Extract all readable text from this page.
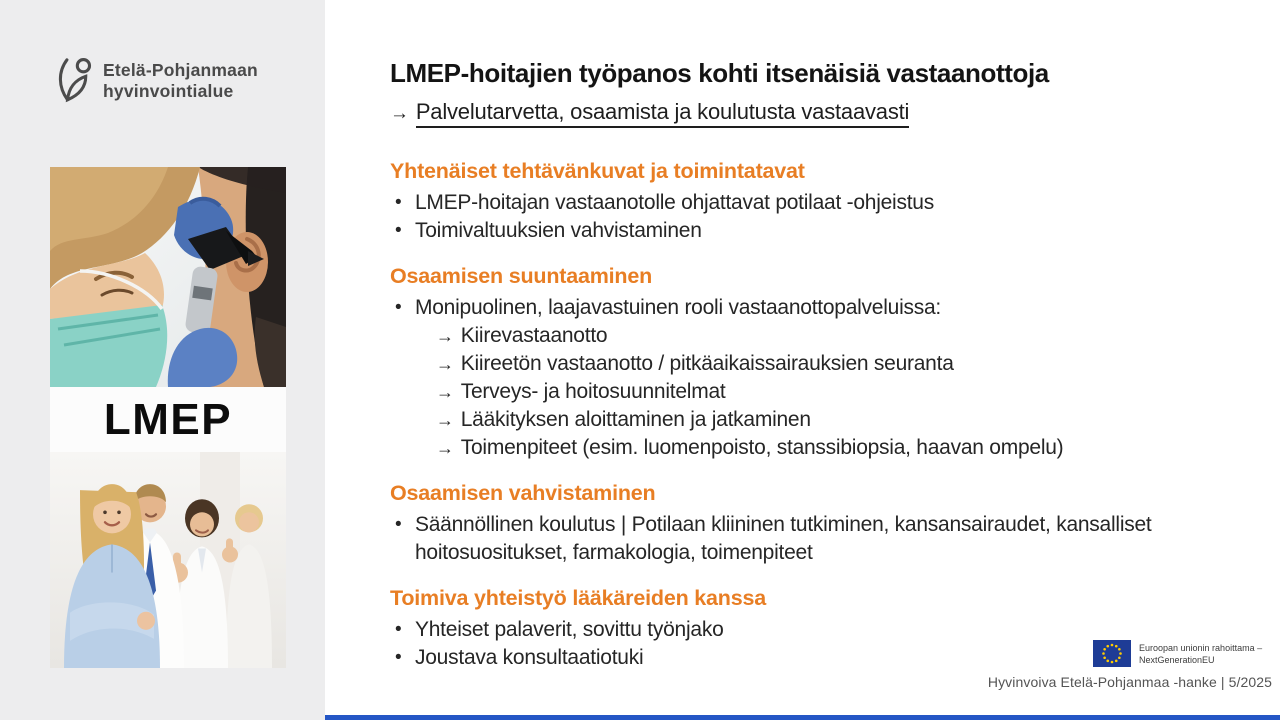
Etelä-Pohjanmaan
hyvinvointialue
LMEP
LMEP-hoitajien työpanos kohti itsenäisiä vastaanottoja
→ Palvelutarvetta, osaamista ja koulutusta vastaavasti
Yhtenäiset tehtävänkuvat ja toimintatavat
• LMEP-hoitajan vastaanotolle ohjattavat potilaat -ohjeistus
• Toimivaltuuksien vahvistaminen
Osaamisen suuntaaminen
• Monipuolinen, laajavastuinen rooli vastaanottopalveluissa:
→ Kiirevastaanotto
→ Kiireetön vastaanotto / pitkäaikaissairauksien seuranta
→ Terveys- ja hoitosuunnitelmat
→ Lääkityksen aloittaminen ja jatkaminen
→ Toimenpiteet (esim. luomenpoisto, stanssibiopsia, haavan ompelu)
Osaamisen vahvistaminen
• Säännöllinen koulutus | Potilaan kliininen tutkiminen, kansansairaudet, kansalliset hoitosuositukset, farmakologia, toimenpiteet
Toimiva yhteistyö lääkäreiden kanssa
• Yhteiset palaverit, sovittu työnjako
• Joustava konsultaatiotuki	Euroopan unionin rahoittama –
NextGenerationEU
Hyvinvoiva Etelä-Pohjanmaa -hanke | 5/2025
